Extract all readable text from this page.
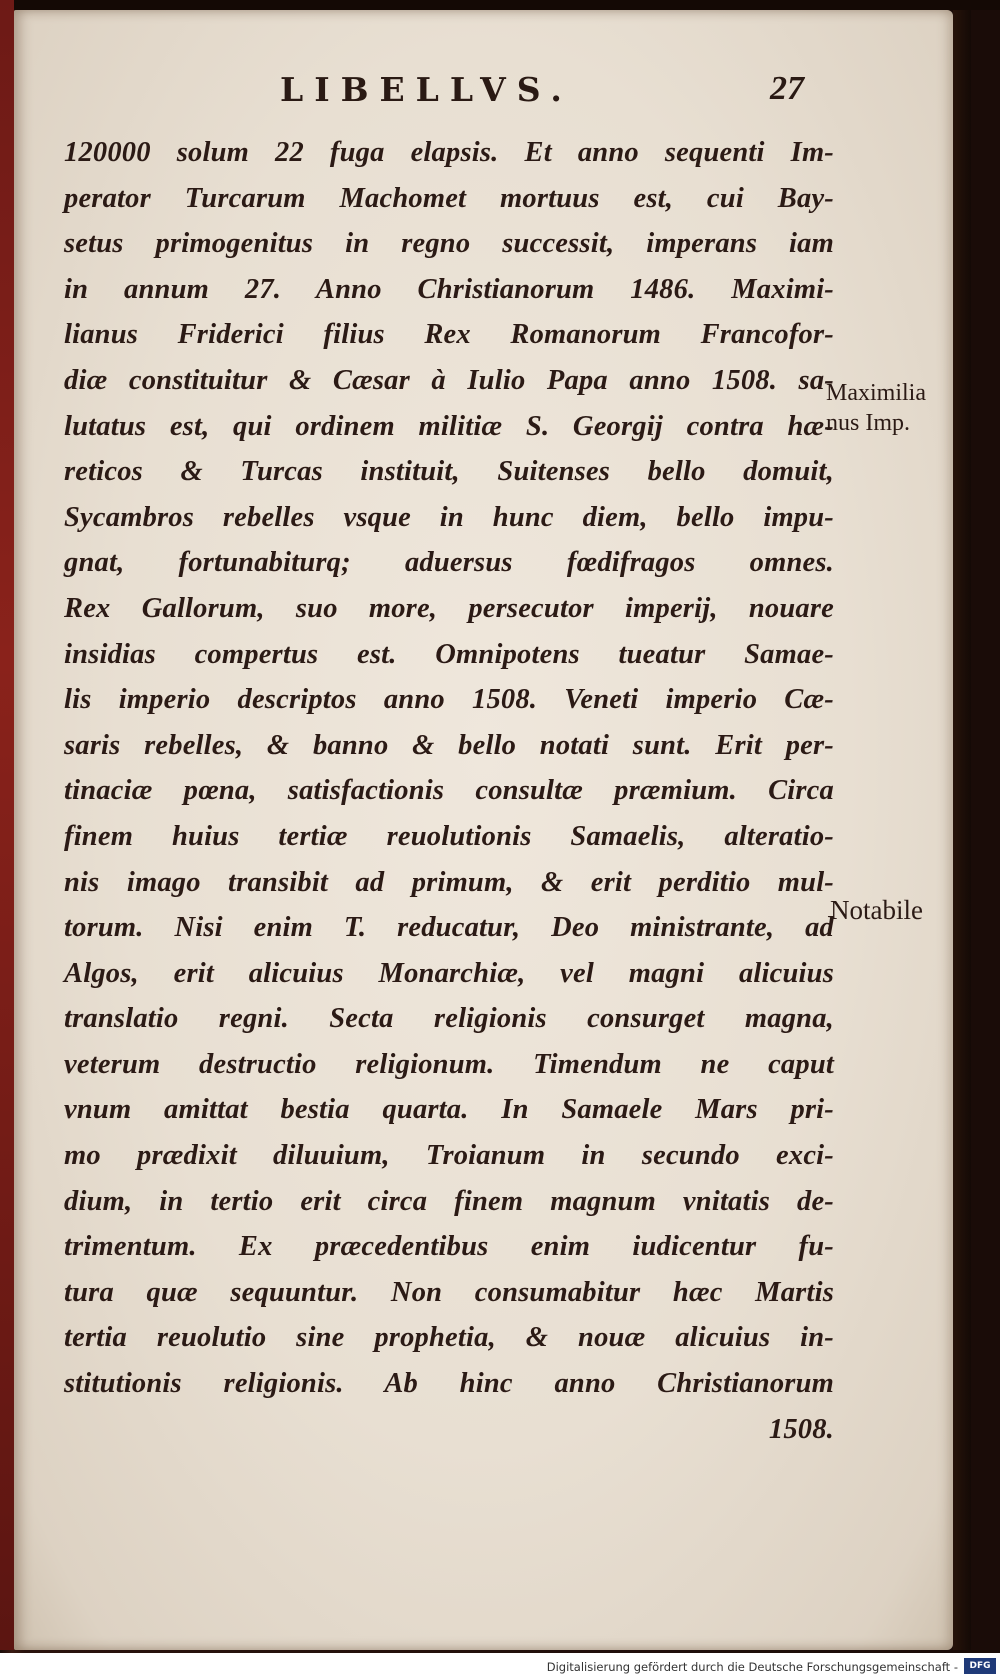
LIBELLVS.	27
120000 solum 22 fuga elapsis. Et anno sequenti Im-
perator Turcarum Machomet mortuus est, cui Bay-
setus primogenitus in regno successit, imperans iam
in annum 27. Anno Christianorum 1486. Maximi-
lianus Friderici filius Rex Romanorum Francofor-
diæ constituitur & Cæsar à Iulio Papa anno 1508. sa-
lutatus est, qui ordinem militiæ S. Georgij contra hæ-
reticos & Turcas instituit, Suitenses bello domuit,
Sycambros rebelles vsque in hunc diem, bello impu-
gnat, fortunabiturq; aduersus fœdifragos omnes.
Rex Gallorum, suo more, persecutor imperij, nouare
insidias compertus est. Omnipotens tueatur Samae-
lis imperio descriptos anno 1508. Veneti imperio Cæ-
saris rebelles, & banno & bello notati sunt. Erit per-
tinaciæ pœna, satisfactionis consultæ præmium. Circa
finem huius tertiæ reuolutionis Samaelis, alteratio-
nis imago transibit ad primum, & erit perditio mul-
torum. Nisi enim T. reducatur, Deo ministrante, ad
Algos, erit alicuius Monarchiæ, vel magni alicuius
translatio regni. Secta religionis consurget magna,
veterum destructio religionum. Timendum ne caput
vnum amittat bestia quarta. In Samaele Mars pri-
mo prædixit diluuium, Troianum in secundo exci-
dium, in tertio erit circa finem magnum vnitatis de-
trimentum. Ex præcedentibus enim iudicentur fu-
tura quæ sequuntur. Non consumabitur hæc Martis
tertia reuolutio sine prophetia, & nouæ alicuius in-
stitutionis religionis. Ab hinc anno Christianorum
1508.
Maximilia
nus Imp.
Notabile
Digitalisierung gefördert durch die Deutsche Forschungsgemeinschaft -	DFG
